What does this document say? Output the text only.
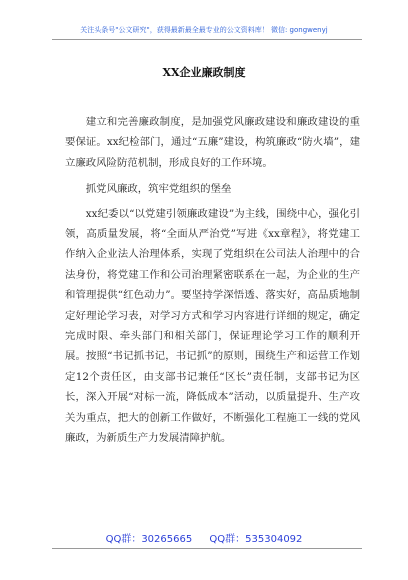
关注头条号"公文研究"，获得最新最全最专业的公文资料库！ 微信: gongwenyj
XX企业廉政制度

建立和完善廉政制度，是加强党风廉政建设和廉政建设的重要保证。xx纪检部门，通过“五廉”建设，构筑廉政“防火墙”，建立廉政风险防范机制，形成良好的工作环境。

抓党风廉政，筑牢党组织的堡垒

xx纪委以“以党建引领廉政建设”为主线，围绕中心，强化引领，高质量发展，将“全面从严治党”写进《xx章程》，将党建工作纳入企业法人治理体系，实现了党组织在公司法人治理中的合法身份，将党建工作和公司治理紧密联系在一起，为企业的生产和管理提供“红色动力”。要坚持学深悟透、落实好，高品质地制定好理论学习表，对学习方式和学习内容进行详细的规定，确定完成时限、牵头部门和相关部门，保证理论学习工作的顺利开展。按照“书记抓书记，书记抓”的原则，围绕生产和运营工作划定12个责任区，由支部书记兼任“区长”责任制，支部书记为区长，深入开展“对标一流，降低成本”活动，以质量提升、生产攻关为重点，把大的创新工作做好，不断强化工程施工一线的党风廉政，为新质生产力发展清障护航。

QQ群：30265665 QQ群：535304092
